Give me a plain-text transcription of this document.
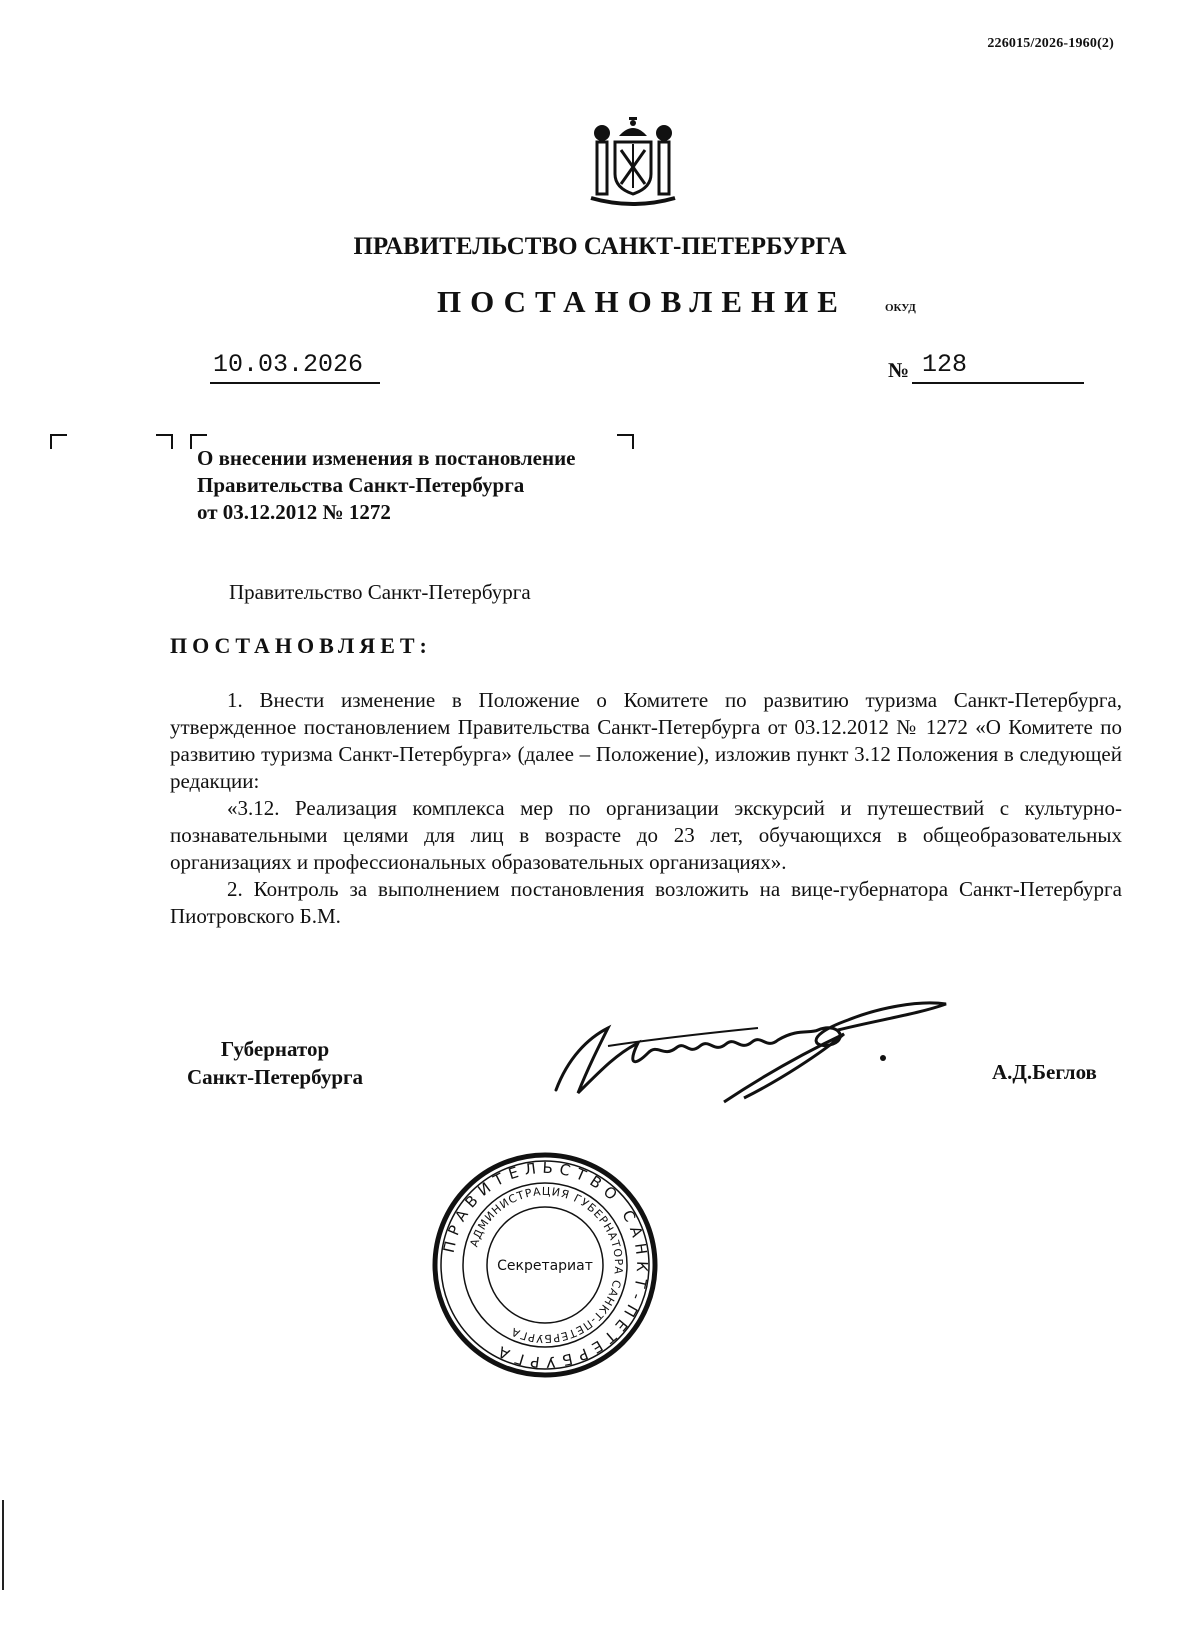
226015/2026-1960(2)
ПРАВИТЕЛЬСТВО САНКТ-ПЕТЕРБУРГА
ПОСТАНОВЛЕНИЕ	ОКУД
10.03.2026	№ 128
О внесении изменения в постановление
Правительства Санкт-Петербурга
от 03.12.2012 № 1272
Правительство Санкт-Петербурга
ПОСТАНОВЛЯЕТ:

1. Внести изменение в Положение о Комитете по развитию туризма Санкт-Петербурга, утвержденное постановлением Правительства Санкт-Петербурга от 03.12.2012 № 1272 «О Комитете по развитию туризма Санкт-Петербурга» (далее – Положение), изложив пункт 3.12 Положения в следующей редакции:

«3.12. Реализация комплекса мер по организации экскурсий и путешествий с культурно-познавательными целями для лиц в возрасте до 23 лет, обучающихся в общеобразовательных организациях и профессиональных образовательных организациях».

2. Контроль за выполнением постановления возложить на вице-губернатора Санкт-Петербурга Пиотровского Б.М.

Губернатор
Санкт-Петербурга	А.Д.Беглов
ПРАВИТЕЛЬСТВО САНКТ-ПЕТЕРБУРГА
АДМИНИСТРАЦИЯ ГУБЕРНАТОРА САНКТ-ПЕТЕРБУРГА
Секретариат
